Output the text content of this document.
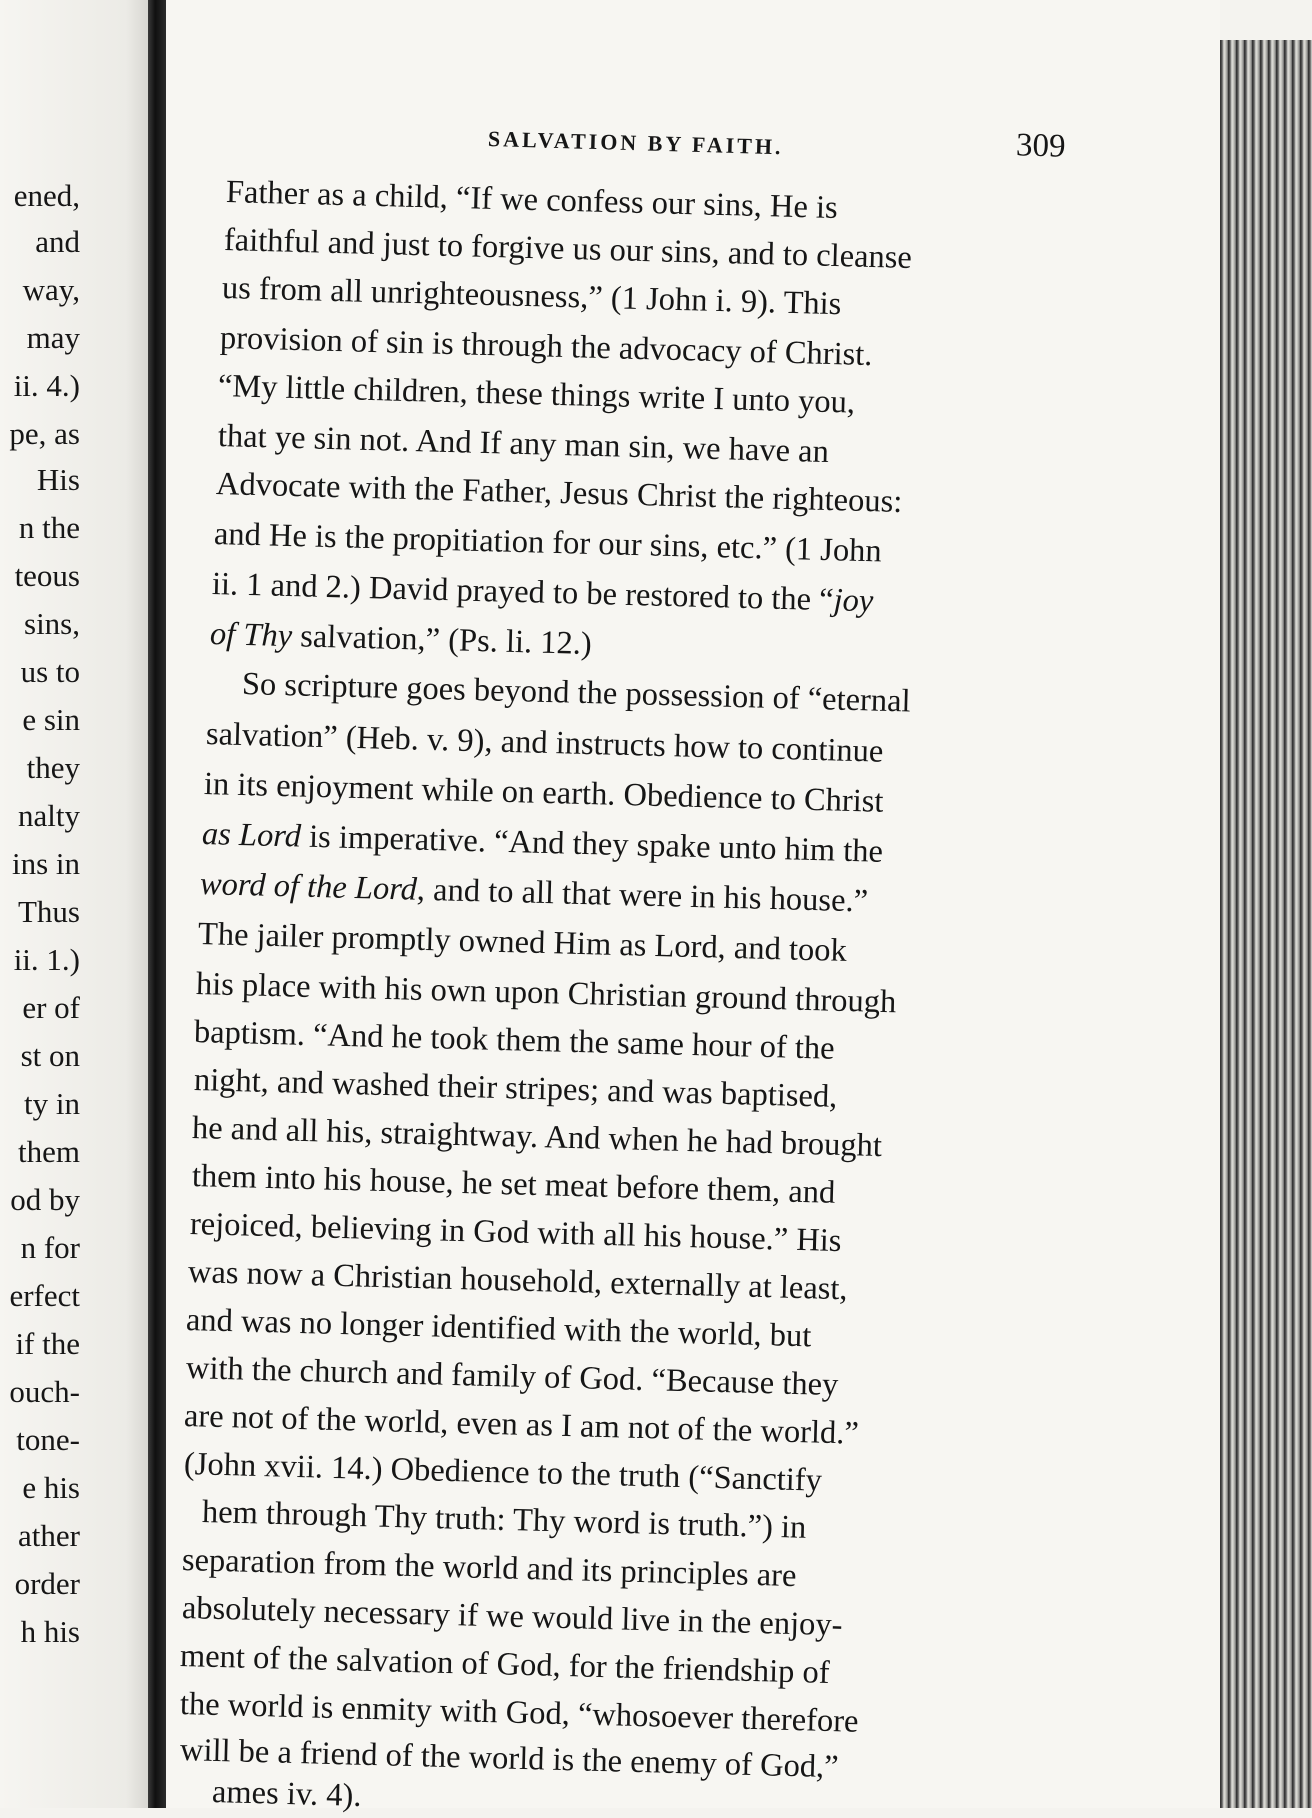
ened,
and
way,
may
ii. 4.)
pe, as
His
n the
teous
sins,
us to
e sin
they
nalty
ins in
Thus
ii. 1.)
er of
st on
ty in
them
od by
n for
erfect
if the
ouch-
tone-
e his
ather
order
h his
SALVATION BY FAITH.	309
Father as a child, “If we confess our sins, He is
faithful and just to forgive us our sins, and to cleanse
us from all unrighteousness,” (1 John i. 9). This
provision of sin is through the advocacy of Christ.
“My little children, these things write I unto you,
that ye sin not. And If any man sin, we have an
Advocate with the Father, Jesus Christ the righteous:
and He is the propitiation for our sins, etc.” (1 John
ii. 1 and 2.) David prayed to be restored to the “joy
of Thy salvation,” (Ps. li. 12.)
So scripture goes beyond the possession of “eternal
salvation” (Heb. v. 9), and instructs how to continue
in its enjoyment while on earth. Obedience to Christ
as Lord is imperative. “And they spake unto him the
word of the Lord, and to all that were in his house.”
The jailer promptly owned Him as Lord, and took
his place with his own upon Christian ground through
baptism. “And he took them the same hour of the
night, and washed their stripes; and was baptised,
he and all his, straightway. And when he had brought
them into his house, he set meat before them, and
rejoiced, believing in God with all his house.” His
was now a Christian household, externally at least,
and was no longer identified with the world, but
with the church and family of God. “Because they
are not of the world, even as I am not of the world.”
(John xvii. 14.) Obedience to the truth (“Sanctify
hem through Thy truth: Thy word is truth.”) in
separation from the world and its principles are
absolutely necessary if we would live in the enjoy-
ment of the salvation of God, for the friendship of
the world is enmity with God, “whosoever therefore
will be a friend of the world is the enemy of God,”
ames iv. 4).
